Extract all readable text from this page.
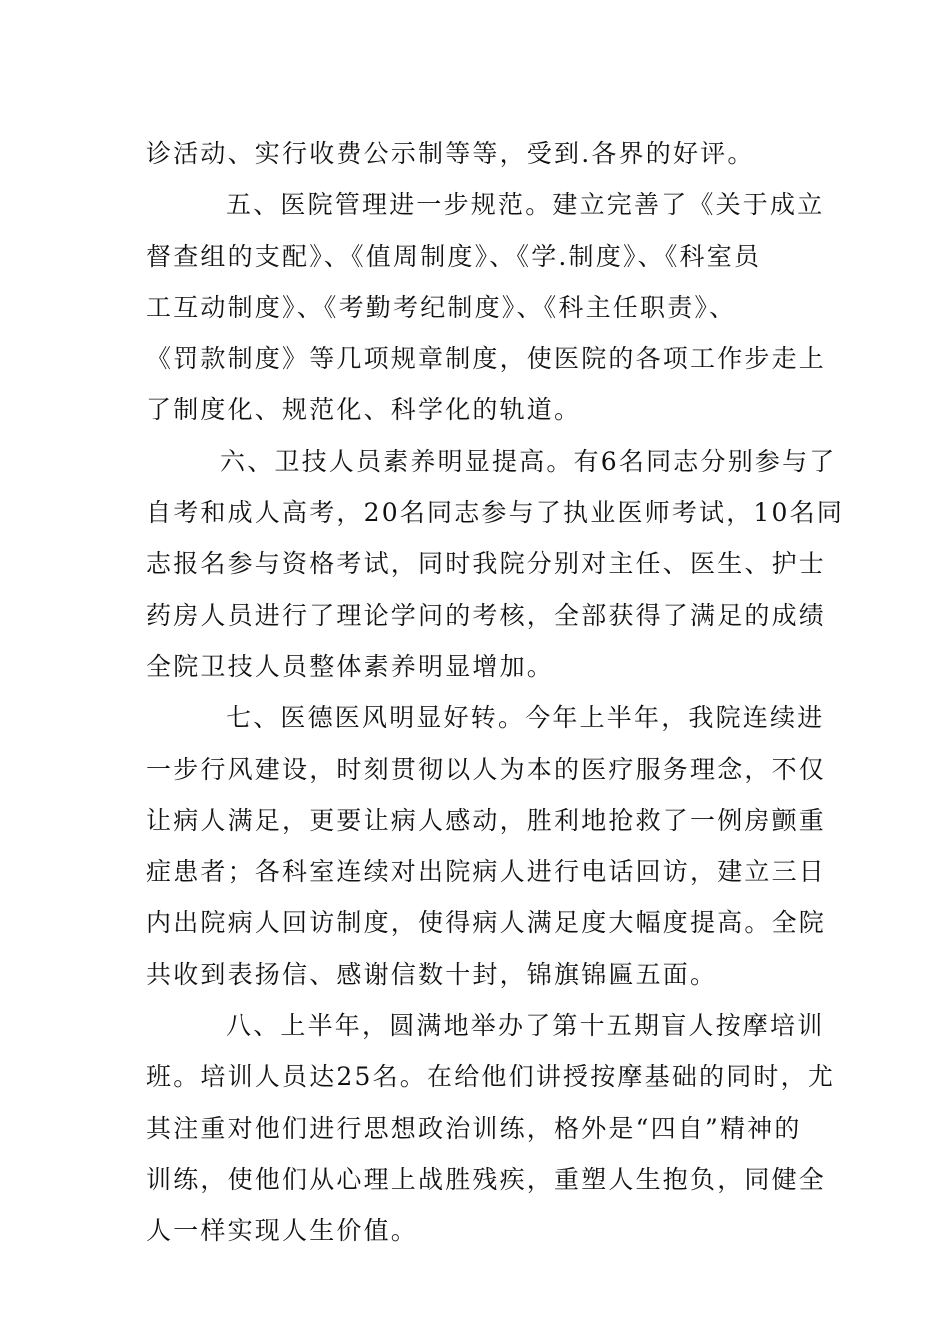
诊活动、实行收费公示制等等，受到.各界的好评。
五、医院管理进一步规范。建立完善了《关于成立
督查组的支配》、《值周制度》、《学.制度》、《科室员
工互动制度》、《考勤考纪制度》、《科主任职责》、
《罚款制度》等几项规章制度，使医院的各项工作步走上
了制度化、规范化、科学化的轨道。
六、卫技人员素养明显提高。有6名同志分别参与了
自考和成人高考，20名同志参与了执业医师考试，10名同
志报名参与资格考试，同时我院分别对主任、医生、护士
药房人员进行了理论学问的考核，全部获得了满足的成绩
全院卫技人员整体素养明显增加。
七、医德医风明显好转。今年上半年，我院连续进
一步行风建设，时刻贯彻以人为本的医疗服务理念，不仅
让病人满足，更要让病人感动，胜利地抢救了一例房颤重
症患者；各科室连续对出院病人进行电话回访，建立三日
内出院病人回访制度，使得病人满足度大幅度提高。全院
共收到表扬信、感谢信数十封，锦旗锦匾五面。
八、上半年，圆满地举办了第十五期盲人按摩培训
班。培训人员达25名。在给他们讲授按摩基础的同时，尤
其注重对他们进行思想政治训练，格外是“四自”精神的
训练，使他们从心理上战胜残疾，重塑人生抱负，同健全
人一样实现人生价值。
